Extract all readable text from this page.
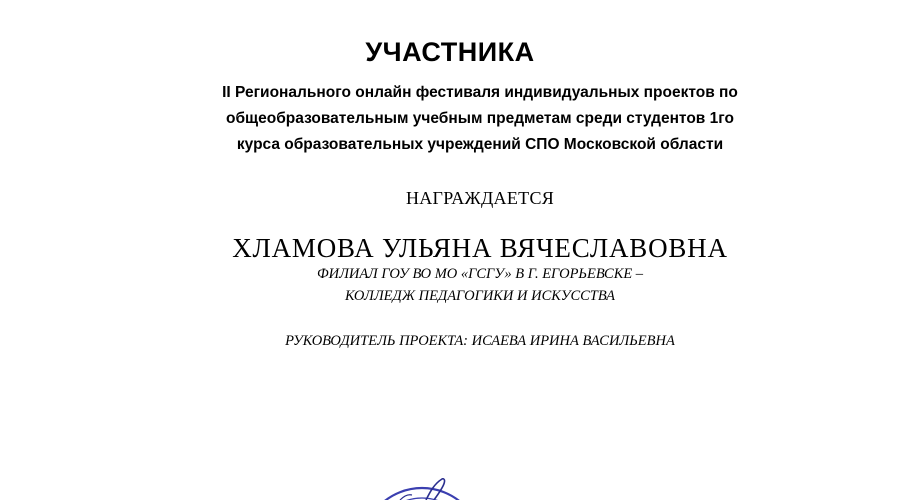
УЧАСТНИКА
II Регионального онлайн фестиваля индивидуальных проектов по
общеобразовательным учебным предметам среди студентов 1го
курса образовательных учреждений СПО Московской области
НАГРАЖДАЕТСЯ
ХЛАМОВА УЛЬЯНА ВЯЧЕСЛАВОВНА
ФИЛИАЛ ГОУ ВО МО «ГСГУ» В Г. ЕГОРЬЕВСКЕ –
КОЛЛЕДЖ ПЕДАГОГИКИ И ИСКУССТВА
РУКОВОДИТЕЛЬ ПРОЕКТА: ИСАЕВА ИРИНА ВАСИЛЬЕВНА
